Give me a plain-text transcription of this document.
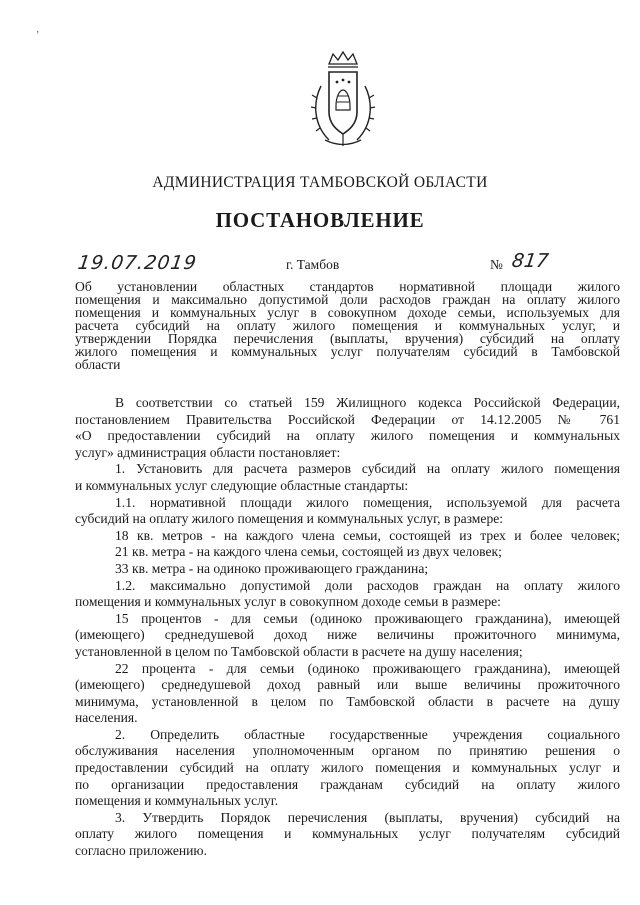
’
АДМИНИСТРАЦИЯ ТАМБОВСКОЙ ОБЛАСТИ
ПОСТАНОВЛЕНИЕ
19.07.2019	г. Тамбов	№ 817
Об установлении областных стандартов нормативной площади жилого
помещения и максимально допустимой доли расходов граждан на оплату жилого
помещения и коммунальных услуг в совокупном доходе семьи, используемых для
расчета субсидий на оплату жилого помещения и коммунальных услуг, и
утверждении Порядка перечисления (выплаты, вручения) субсидий на оплату
жилого помещения и коммунальных услуг получателям субсидий в Тамбовской
области
В соответствии со статьей 159 Жилищного кодекса Российской Федерации,
постановлением Правительства Российской Федерации от 14.12.2005 № 761
«О предоставлении субсидий на оплату жилого помещения и коммунальных
услуг» администрация области постановляет:
1. Установить для расчета размеров субсидий на оплату жилого помещения
и коммунальных услуг следующие областные стандарты:
1.1. нормативной площади жилого помещения, используемой для расчета
субсидий на оплату жилого помещения и коммунальных услуг, в размере:
18 кв. метров - на каждого члена семьи, состоящей из трех и более человек;
21 кв. метра - на каждого члена семьи, состоящей из двух человек;
33 кв. метра - на одиноко проживающего гражданина;
1.2. максимально допустимой доли расходов граждан на оплату жилого
помещения и коммунальных услуг в совокупном доходе семьи в размере:
15 процентов - для семьи (одиноко проживающего гражданина), имеющей
(имеющего) среднедушевой доход ниже величины прожиточного минимума,
установленной в целом по Тамбовской области в расчете на душу населения;
22 процента - для семьи (одиноко проживающего гражданина), имеющей
(имеющего) среднедушевой доход равный или выше величины прожиточного
минимума, установленной в целом по Тамбовской области в расчете на душу
населения.
2. Определить областные государственные учреждения социального
обслуживания населения уполномоченным органом по принятию решения о
предоставлении субсидий на оплату жилого помещения и коммунальных услуг и
по организации предоставления гражданам субсидий на оплату жилого
помещения и коммунальных услуг.
3. Утвердить Порядок перечисления (выплаты, вручения) субсидий на
оплату жилого помещения и коммунальных услуг получателям субсидий
согласно приложению.
